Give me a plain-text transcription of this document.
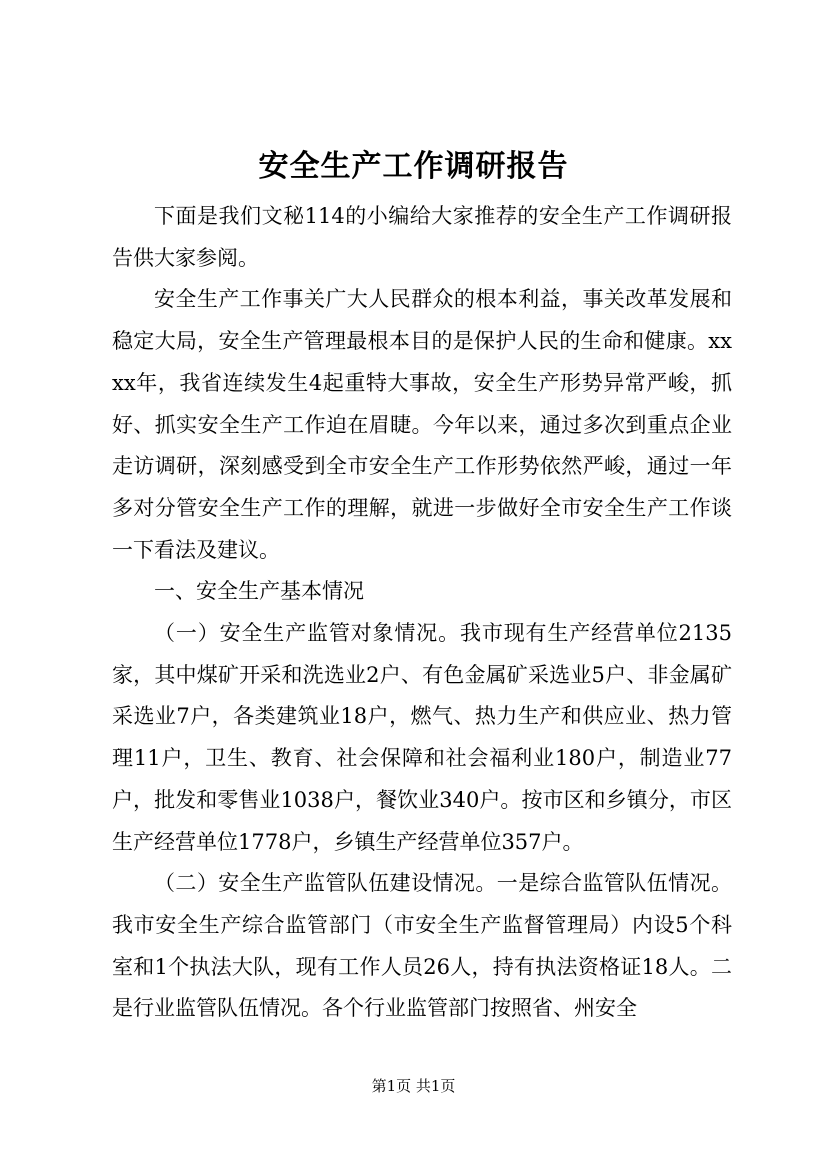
安全生产工作调研报告

下面是我们文秘114的小编给大家推荐的安全生产工作调研报告供大家参阅。

安全生产工作事关广大人民群众的根本利益，事关改革发展和稳定大局，安全生产管理最根本目的是保护人民的生命和健康。xxxx年，我省连续发生4起重特大事故，安全生产形势异常严峻，抓好、抓实安全生产工作迫在眉睫。今年以来，通过多次到重点企业走访调研，深刻感受到全市安全生产工作形势依然严峻，通过一年多对分管安全生产工作的理解，就进一步做好全市安全生产工作谈一下看法及建议。

一、安全生产基本情况

（一）安全生产监管对象情况。我市现有生产经营单位2135家，其中煤矿开采和洗选业2户、有色金属矿采选业5户、非金属矿采选业7户，各类建筑业18户，燃气、热力生产和供应业、热力管理11户，卫生、教育、社会保障和社会福利业180户，制造业77户，批发和零售业1038户，餐饮业340户。按市区和乡镇分，市区生产经营单位1778户，乡镇生产经营单位357户。

（二）安全生产监管队伍建设情况。一是综合监管队伍情况。我市安全生产综合监管部门（市安全生产监督管理局）内设5个科室和1个执法大队，现有工作人员26人，持有执法资格证18人。二是行业监管队伍情况。各个行业监管部门按照省、州安全

第1页 共1页
